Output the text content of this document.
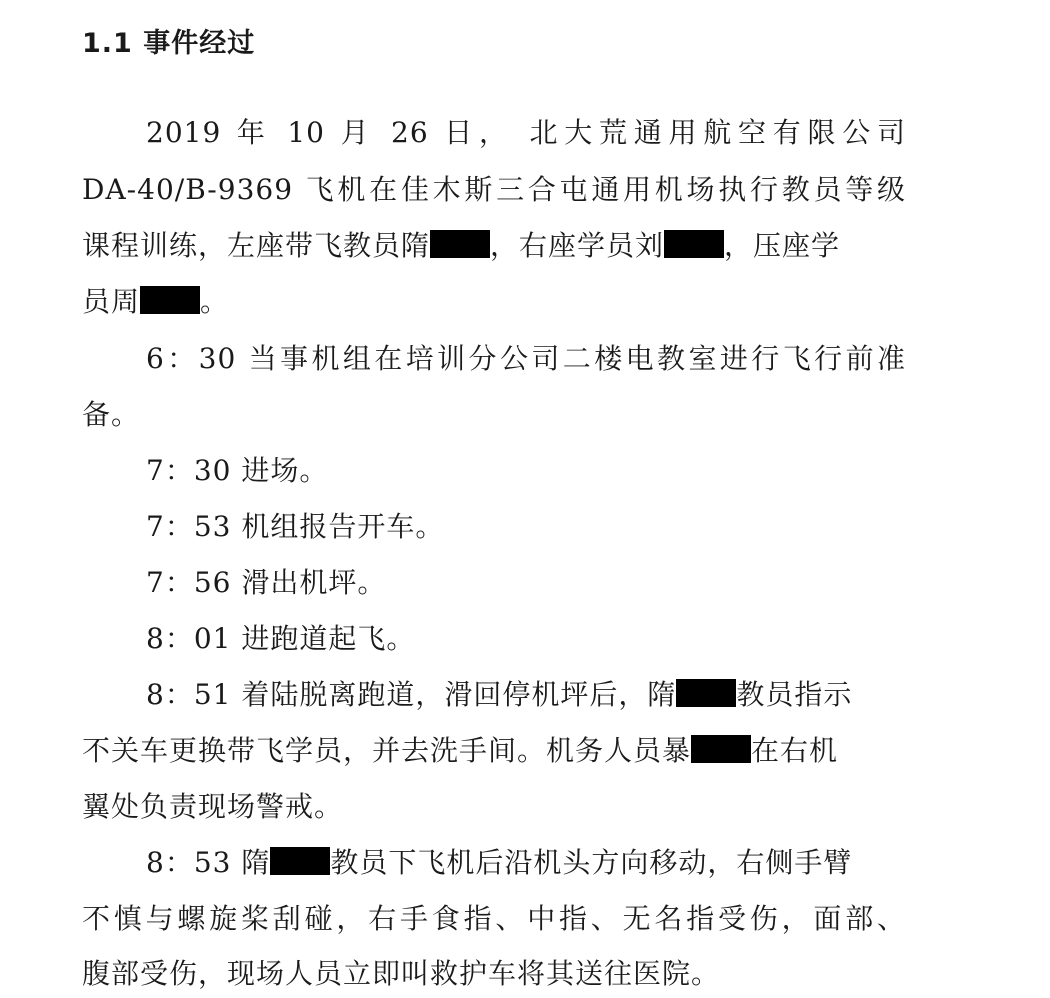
1.1 事件经过
2019 年 10 月 26 日， 北大荒通用航空有限公司
DA-40/B-9369 飞机在佳木斯三合屯通用机场执行教员等级
课程训练，左座带飞教员隋 ，右座学员刘 ，压座学
员周 。
6：30 当事机组在培训分公司二楼电教室进行飞行前准
备。
7：30 进场。
7：53 机组报告开车。
7：56 滑出机坪。
8：01 进跑道起飞。
8：51 着陆脱离跑道，滑回停机坪后，隋 教员指示
不关车更换带飞学员，并去洗手间。机务人员暴 在右机
翼处负责现场警戒。
8：53 隋 教员下飞机后沿机头方向移动，右侧手臂
不慎与螺旋桨刮碰，右手食指、中指、无名指受伤，面部、
腹部受伤，现场人员立即叫救护车将其送往医院。
